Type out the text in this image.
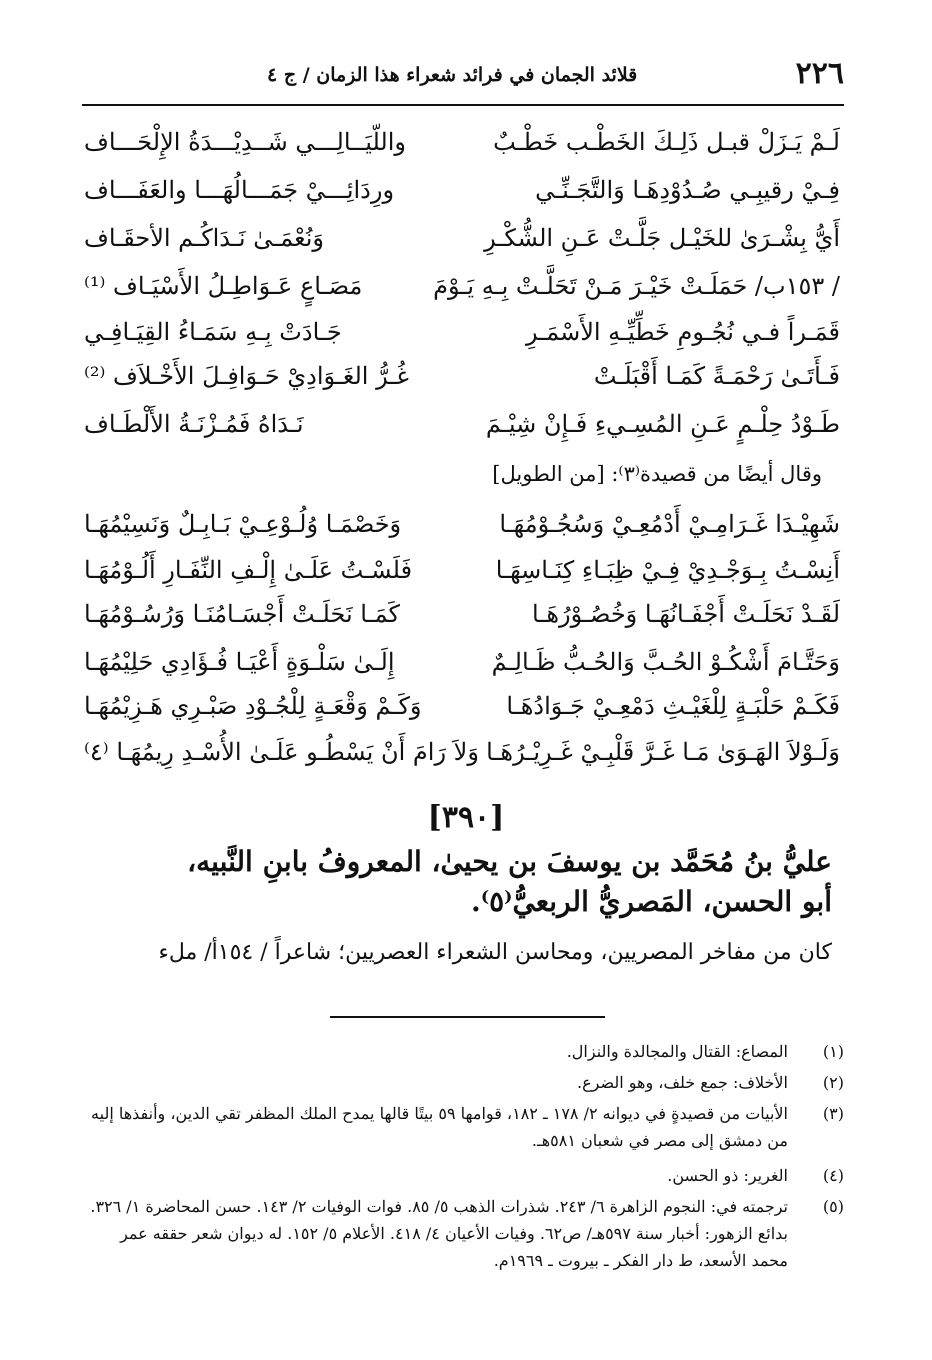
٢٢٦
قلائد الجمان في فرائد شعراء هذا الزمان / ج ٤
لَـمْ يَـزَلْ قبـل ذَلِـكَ الخَطْـب خَطْـبٌ
واللّيَــالِـــي شَــدِيْـــدَةُ الإِلْحَـــاف
فِـيْ رقيبِـي صُـدُوْدِهَـا وَالتَّجَـنِّـي
ورِدَائِـــيْ جَمَـــالُهَـــا والعَفَـــاف
أَيُّ بِشْـرَىٰ للخَيْـل جَلَّـتْ عَـنِ الشُّكْـرِ
وَنُعْمَـىٰ نَـدَاكُـم الأحقَـاف
/ ١٥٣ب/ حَمَلَـتْ خَيْـرَ مَـنْ تَحَلَّـتْ بِـهِ يَـوْمَ
مَصَـاعٍ عَـوَاطِـلُ الأَسْيَـاف ⁽¹⁾
قَمَـراً فـي نُجُـومِ خَطِّيِّـهِ الأَسْمَـرِ
جَـادَتْ بِـهِ سَمَـاءُ القِيَـافِـي
فَـأَتَـىٰ رَحْمَـةً كَمَـا أَقْبَلَـتْ
غُـرُّ الغَـوَادِيْ حَـوَافِـلَ الأَخْـلاَف ⁽²⁾
طَـوْدُ حِلْـمٍ عَـنِ المُسِـيءِ فَـإِنْ شِيْـمَ
نَـدَاهُ فَمُـزْنَـةُ الأَلْطَـاف
وقال أيضًا من قصيدة⁽٣⁾: [من الطويل]
شَهِيْـدَا غَـرَامِـيْ أَدْمُعِـيْ وَسُجُـوْمُهَـا
وَخَصْمَـا وُلُـوْعِـيْ بَـابِـلٌ وَنَسِيْمُهَـا
أَنِسْـتُ بِـوَجْـدِيْ فِـيْ ظِبَـاءِ كِنَـاسِهَـا
فَلَسْـتُ عَلَـىٰ إِلْـفِ النِّفَـارِ أَلُـوْمُهَـا
لَقَـدْ نَحَلَـتْ أَجْفَـانُهَـا وَخُصُـوْرُهَـا
كَمَـا نَحَلَـتْ أَجْسَـامُنَـا وَرُسُـوْمُهَـا
وَحَتَّـامَ أَشْكُـوْ الحُـبَّ وَالحُـبُّ ظَـالِـمٌ
إِلَـىٰ سَلْـوَةٍ أَعْيَـا فُـؤَادِي حَلِيْمُهَـا
فَكَـمْ حَلْبَـةٍ لِلْغَيْـثِ دَمْعِـيْ جَـوَادُهَـا
وَكَـمْ وَقْعَـةٍ لِلْجُـوْدِ صَبْـرِي هَـزِيْمُهَـا
وَلَـوْلاَ الهَـوَىٰ مَـا غَـرَّ قَلْبِـيْ غَـرِيْـرُهَـا
وَلاَ رَامَ أَنْ يَسْطُـو عَلَـىٰ الأُسْـدِ رِيمُهَـا ⁽٤⁾
[٣٩٠]
عليُّ بنُ مُحَمَّد بن يوسفَ بن يحيىٰ، المعروفُ بابنِ النَّبيه،
أبو الحسن، المَصريُّ الربعيُّ⁽٥⁾.
كان من مفاخر المصريين، ومحاسن الشعراء العصريين؛ شاعراً / ١٥٤أ/ ملء
(١)
المصاع: القتال والمجالدة والنزال.
(٢)
الأخلاف: جمع خلف، وهو الضرع.
(٣)
الأبيات من قصيدةٍ في ديوانه ٢/ ١٧٨ ـ ١٨٢، قوامها ٥٩ بيتًا قالها يمدح الملك المظفر تقي الدين، وأنفذها إليه من دمشق إلى مصر في شعبان ٥٨١هـ.
(٤)
الغرير: ذو الحسن.
(٥)
ترجمته في: النجوم الزاهرة ٦/ ٢٤٣. شذرات الذهب ٥/ ٨٥. فوات الوفيات ٢/ ١٤٣. حسن المحاضرة ١/ ٣٢٦. بدائع الزهور: أخبار سنة ٥٩٧هـ/ ص٦٢. وفيات الأعيان ٤/ ٤١٨. الأعلام ٥/ ١٥٢. له ديوان شعر حققه عمر محمد الأسعد، ط دار الفكر ـ بيروت ـ ١٩٦٩م.
